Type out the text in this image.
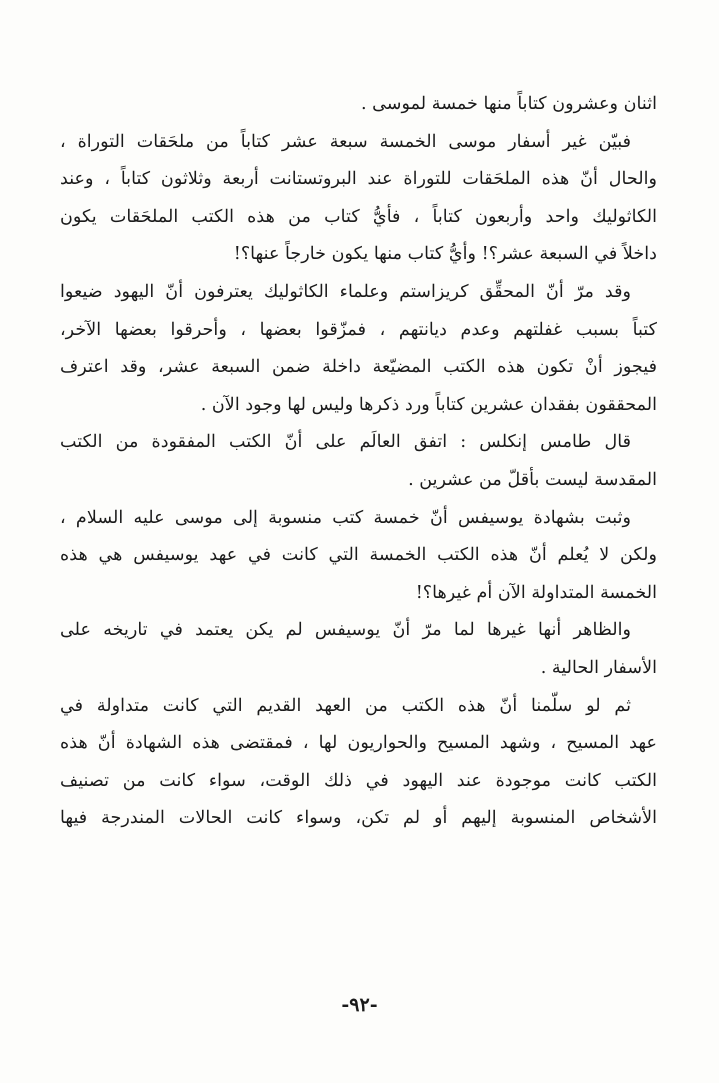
اثنان وعشرون كتاباً منها خمسة لموسى .
فبيّن غير أسفار موسى الخمسة سبعة عشر كتاباً من ملحَقات التوراة ،
والحال أنّ هذه الملحَقات للتوراة عند البروتستانت أربعة وثلاثون كتاباً ، وعند
الكاثوليك واحد وأربعون كتاباً ، فأيُّ كتاب من هذه الكتب الملحَقات يكون
داخلاً في السبعة عشر؟! وأيُّ كتاب منها يكون خارجاً عنها؟!
وقد مرّ أنّ المحقِّق كريزاستم وعلماء الكاثوليك يعترفون أنّ اليهود ضيعوا
كتباً بسبب غفلتهم وعدم ديانتهم ، فمزّقوا بعضها ، وأحرقوا بعضها الآخر،
فيجوز أنْ تكون هذه الكتب المضيّعة داخلة ضمن السبعة عشر، وقد اعترف
المحققون بفقدان عشرين كتاباً ورد ذكرها وليس لها وجود الآن .
قال طامس إنكلس : اتفق العالَم على أنّ الكتب المفقودة من الكتب
المقدسة ليست بأقلّ من عشرين .
وثبت بشهادة يوسيفس أنّ خمسة كتب منسوبة إلى موسى عليه السلام ،
ولكن لا يُعلم أنّ هذه الكتب الخمسة التي كانت في عهد يوسيفس هي هذه
الخمسة المتداولة الآن أم غيرها؟!
والظاهر أنها غيرها لما مرّ أنّ يوسيفس لم يكن يعتمد في تاريخه على
الأسفار الحالية .
ثم لو سلّمنا أنّ هذه الكتب من العهد القديم التي كانت متداولة في
عهد المسيح ، وشهد المسيح والحواريون لها ، فمقتضى هذه الشهادة أنّ هذه
الكتب كانت موجودة عند اليهود في ذلك الوقت، سواء كانت من تصنيف
الأشخاص المنسوبة إليهم أو لم تكن، وسواء كانت الحالات المندرجة فيها
-٩٢-
